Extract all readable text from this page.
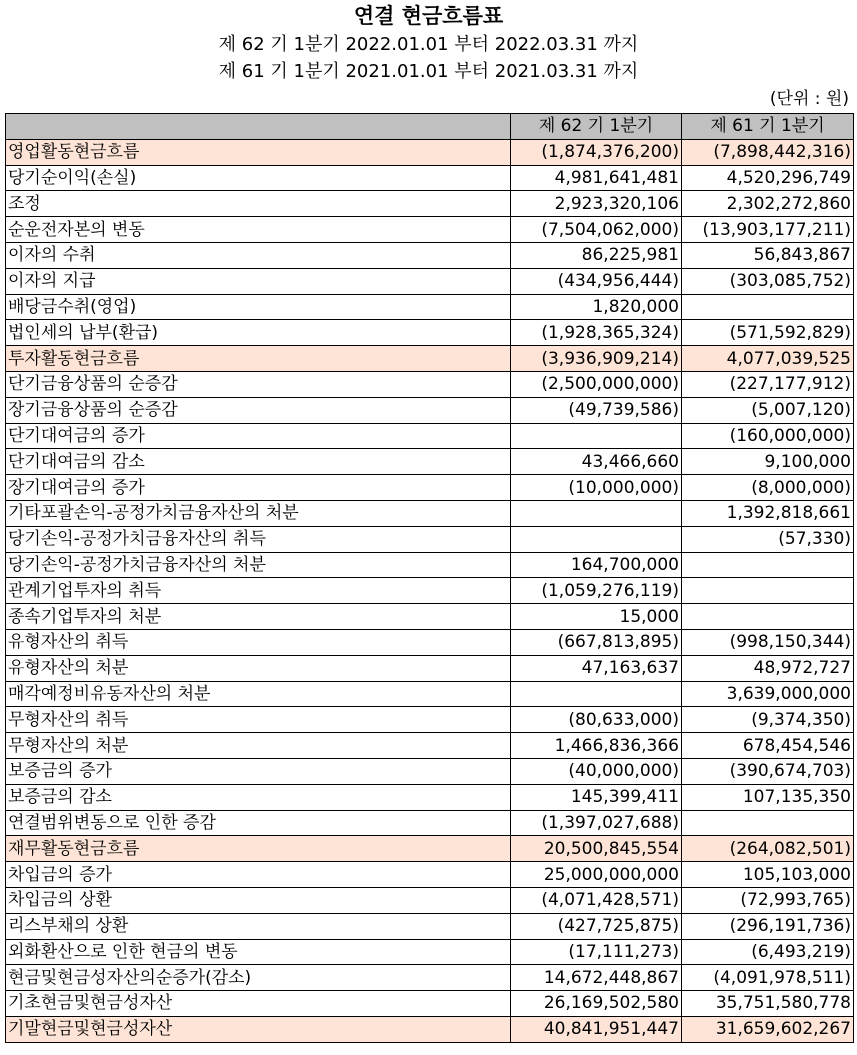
연결 현금흐름표
제 62 기 1분기 2022.01.01 부터 2022.03.31 까지
제 61 기 1분기 2021.01.01 부터 2021.03.31 까지
(단위 : 원)
	제 62 기 1분기	제 61 기 1분기
영업활동현금흐름	(1,874,376,200)	(7,898,442,316)
당기순이익(손실)	4,981,641,481	4,520,296,749
조정	2,923,320,106	2,302,272,860
순운전자본의 변동	(7,504,062,000)	(13,903,177,211)
이자의 수취	86,225,981	56,843,867
이자의 지급	(434,956,444)	(303,085,752)
배당금수취(영업)	1,820,000	
법인세의 납부(환급)	(1,928,365,324)	(571,592,829)
투자활동현금흐름	(3,936,909,214)	4,077,039,525
단기금융상품의 순증감	(2,500,000,000)	(227,177,912)
장기금융상품의 순증감	(49,739,586)	(5,007,120)
단기대여금의 증가		(160,000,000)
단기대여금의 감소	43,466,660	9,100,000
장기대여금의 증가	(10,000,000)	(8,000,000)
기타포괄손익-공정가치금융자산의 처분		1,392,818,661
당기손익-공정가치금융자산의 취득		(57,330)
당기손익-공정가치금융자산의 처분	164,700,000	
관계기업투자의 취득	(1,059,276,119)	
종속기업투자의 처분	15,000	
유형자산의 취득	(667,813,895)	(998,150,344)
유형자산의 처분	47,163,637	48,972,727
매각예정비유동자산의 처분		3,639,000,000
무형자산의 취득	(80,633,000)	(9,374,350)
무형자산의 처분	1,466,836,366	678,454,546
보증금의 증가	(40,000,000)	(390,674,703)
보증금의 감소	145,399,411	107,135,350
연결범위변동으로 인한 증감	(1,397,027,688)	
재무활동현금흐름	20,500,845,554	(264,082,501)
차입금의 증가	25,000,000,000	105,103,000
차입금의 상환	(4,071,428,571)	(72,993,765)
리스부채의 상환	(427,725,875)	(296,191,736)
외화환산으로 인한 현금의 변동	(17,111,273)	(6,493,219)
현금및현금성자산의순증가(감소)	14,672,448,867	(4,091,978,511)
기초현금및현금성자산	26,169,502,580	35,751,580,778
기말현금및현금성자산	40,841,951,447	31,659,602,267
